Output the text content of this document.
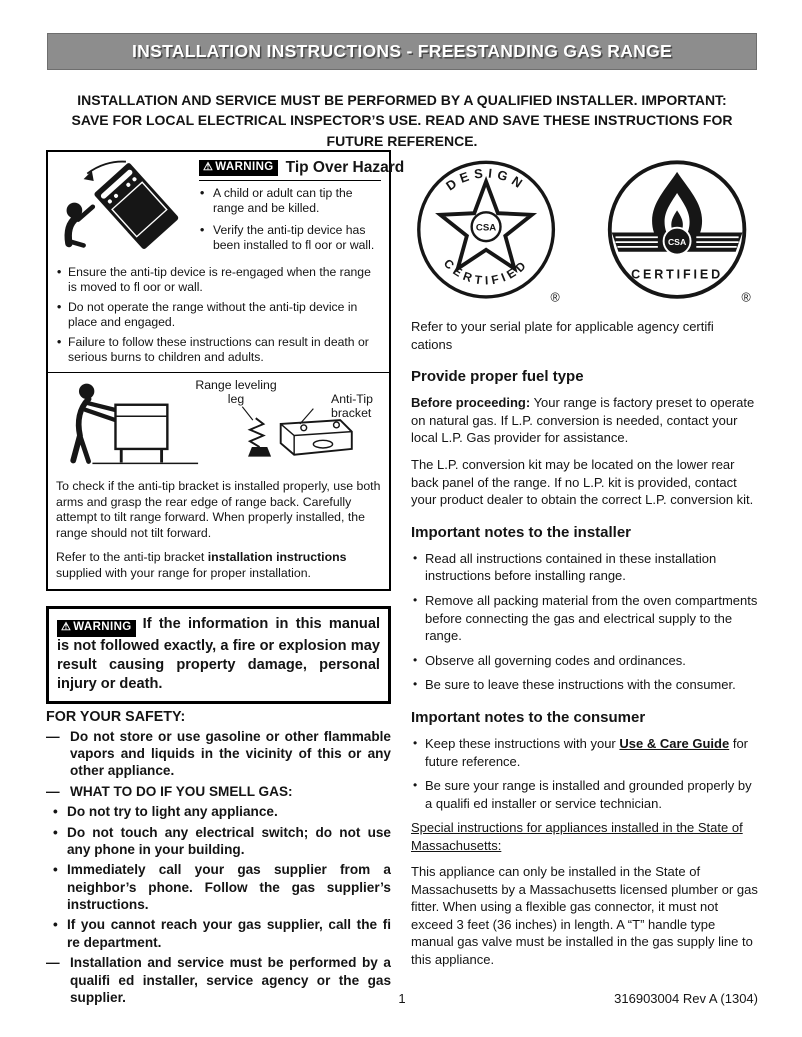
INSTALLATION INSTRUCTIONS - FREESTANDING GAS RANGE

INSTALLATION AND SERVICE MUST BE PERFORMED BY A QUALIFIED INSTALLER. IMPORTANT: SAVE FOR LOCAL ELECTRICAL INSPECTOR’S USE. READ AND SAVE THESE INSTRUCTIONS FOR FUTURE REFERENCE.

⚠ WARNING Tip Over Hazard
• A child or adult can tip the range and be killed.
• Verify the anti-tip device has been installed to fl oor or wall.
• Ensure the anti-tip device is re-engaged when the range is moved to fl oor or wall.
• Do not operate the range without the anti-tip device in place and engaged.
• Failure to follow these instructions can result in death or serious burns to children and adults.
Range leveling leg	Anti-Tip bracket

To check if the anti-tip bracket is installed properly, use both arms and grasp the rear edge of range back. Carefully attempt to tilt range forward. When properly installed, the range should not tilt forward.

Refer to the anti-tip bracket installation instructions supplied with your range for proper installation.

⚠ WARNING If the information in this manual is not followed exactly, a fire or explosion may result causing property damage, personal injury or death.

FOR YOUR SAFETY:

— Do not store or use gasoline or other flammable vapors and liquids in the vicinity of this or any other appliance.
— WHAT TO DO IF YOU SMELL GAS:
• Do not try to light any appliance.
• Do not touch any electrical switch; do not use any phone in your building.
• Immediately call your gas supplier from a neighbor’s phone. Follow the gas supplier’s instructions.
• If you cannot reach your gas supplier, call the fi re department.
— Installation and service must be performed by a qualifi ed installer, service agency or the gas supplier.
CSA
DESIGN
CERTIFIED
®
CSA
CERTIFIED
®

Refer to your serial plate for applicable agency certifi cations

Provide proper fuel type

Before proceeding: Your range is factory preset to operate on natural gas. If L.P. conversion is needed, contact your local L.P. Gas provider for assistance.

The L.P. conversion kit may be located on the lower rear back panel of the range. If no L.P. kit is provided, contact your product dealer to obtain the correct L.P. conversion kit.

Important notes to the installer
• Read all instructions contained in these installation instructions before installing range.
• Remove all packing material from the oven compartments before connecting the gas and electrical supply to the range.
• Observe all governing codes and ordinances.
• Be sure to leave these instructions with the consumer.
Important notes to the consumer
• Keep these instructions with your Use & Care Guide for future reference.
• Be sure your range is installed and grounded properly by a qualifi ed installer or service technician.

Special instructions for appliances installed in the State of Massachusetts:

This appliance can only be installed in the State of Massachusetts by a Massachusetts licensed plumber or gas fitter. When using a flexible gas connector, it must not exceed 3 feet (36 inches) in length. A “T” handle type manual gas valve must be installed in the gas supply line to this appliance.

1	316903004 Rev A (1304)
